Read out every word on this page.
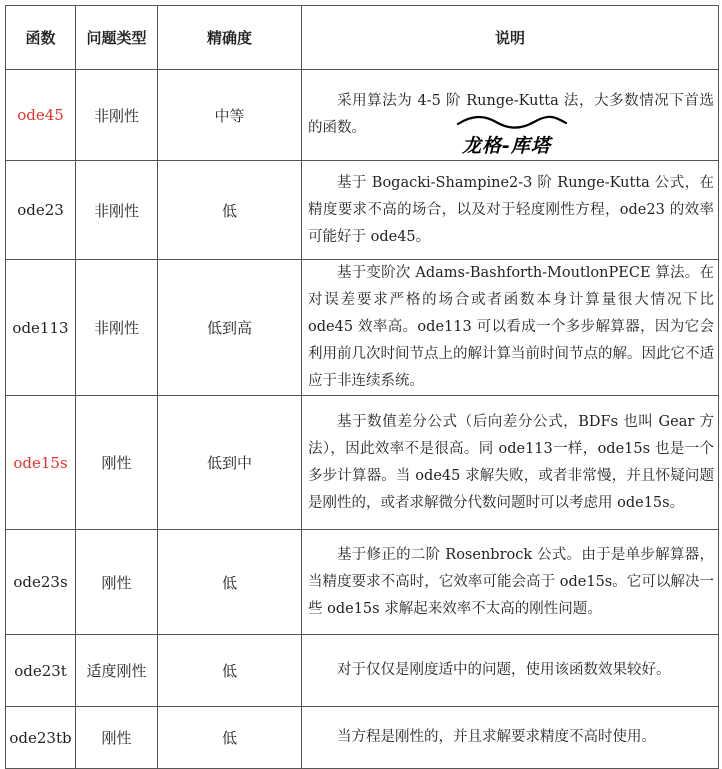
函数	问题类型	精确度	说明
ode45	非刚性	中等	采用算法为 4-5 阶 Runge-Kutta 法，大多数情况下首选的函数。

ode23	非刚性	低	基于 Bogacki-Shampine2-3 阶 Runge-Kutta 公式，在精度要求不高的场合，以及对于轻度刚性方程，ode23 的效率可能好于 ode45。

ode113	非刚性	低到高	基于变阶次 Adams-Bashforth-MoutlonPECE 算法。在对误差要求严格的场合或者函数本身计算量很大情况下比 ode45 效率高。ode113 可以看成一个多步解算器，因为它会利用前几次时间节点上的解计算当前时间节点的解。因此它不适应于非连续系统。

ode15s	刚性	低到中	基于数值差分公式（后向差分公式，BDFs 也叫 Gear 方法），因此效率不是很高。同 ode113一样，ode15s 也是一个多步计算器。当 ode45 求解失败，或者非常慢，并且怀疑问题是刚性的，或者求解微分代数问题时可以考虑用 ode15s。

ode23s	刚性	低	基于修正的二阶 Rosenbrock 公式。由于是单步解算器，当精度要求不高时，它效率可能会高于 ode15s。它可以解决一些 ode15s 求解起来效率不太高的刚性问题。

ode23t	适度刚性	低	对于仅仅是刚度适中的问题，使用该函数效果较好。

ode23tb	刚性	低	当方程是刚性的，并且求解要求精度不高时使用。

龙格-库塔
